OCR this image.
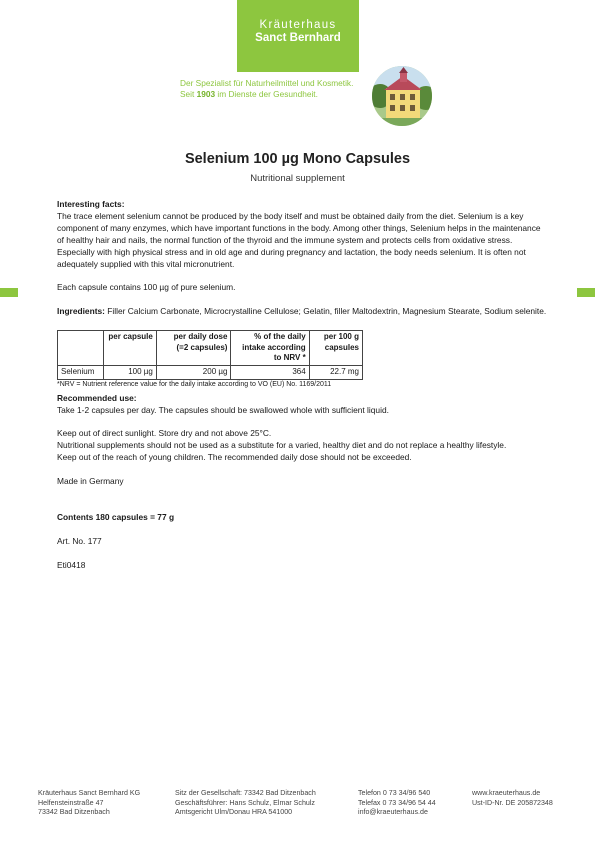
Kräuterhaus
Sanct Bernhard
Der Spezialist für Naturheilmittel und Kosmetik.
Seit 1903 im Dienste der Gesundheit.
Selenium 100 µg Mono Capsules
Nutritional supplement

Interesting facts:

The trace element selenium cannot be produced by the body itself and must be obtained daily from the diet. Selenium is a key component of many enzymes, which have important functions in the body. Among other things, Selenium helps in the maintenance of healthy hair and nails, the normal function of the thyroid and the immune system and protects cells from oxidative stress.

Especially with high physical stress and in old age and during pregnancy and lactation, the body needs selenium. It is often not adequately supplied with this vital micronutrient.

Each capsule contains 100 µg of pure selenium.

Ingredients: Filler Calcium Carbonate, Microcrystalline Cellulose; Gelatin, filler Maltodextrin, Magnesium Stearate, Sodium selenite.

	per capsule	per daily dose (=2 capsules)	% of the daily intake according to NRV *	per 100 g capsules
Selenium	100 µg	200 µg	364	22.7 mg

*NRV = Nutrient reference value for the daily intake according to VO (EU) No. 1169/2011

Recommended use:

Take 1-2 capsules per day. The capsules should be swallowed whole with sufficient liquid.

Keep out of direct sunlight. Store dry and not above 25°C.

Nutritional supplements should not be used as a substitute for a varied, healthy diet and do not replace a healthy lifestyle.

Keep out of the reach of young children. The recommended daily dose should not be exceeded.

Made in Germany

Contents 180 capsules = 77 g

Art. No. 177

Eti0418

Kräuterhaus Sanct Bernhard KG
Helfensteinstraße 47
73342 Bad Ditzenbach
Sitz der Gesellschaft: 73342 Bad Ditzenbach
Geschäftsführer: Hans Schulz, Elmar Schulz
Amtsgericht Ulm/Donau HRA 541000
Telefon 0 73 34/96 540
Telefax 0 73 34/96 54 44
info@kraeuterhaus.de
www.kraeuterhaus.de
Ust-ID-Nr. DE 205872348
